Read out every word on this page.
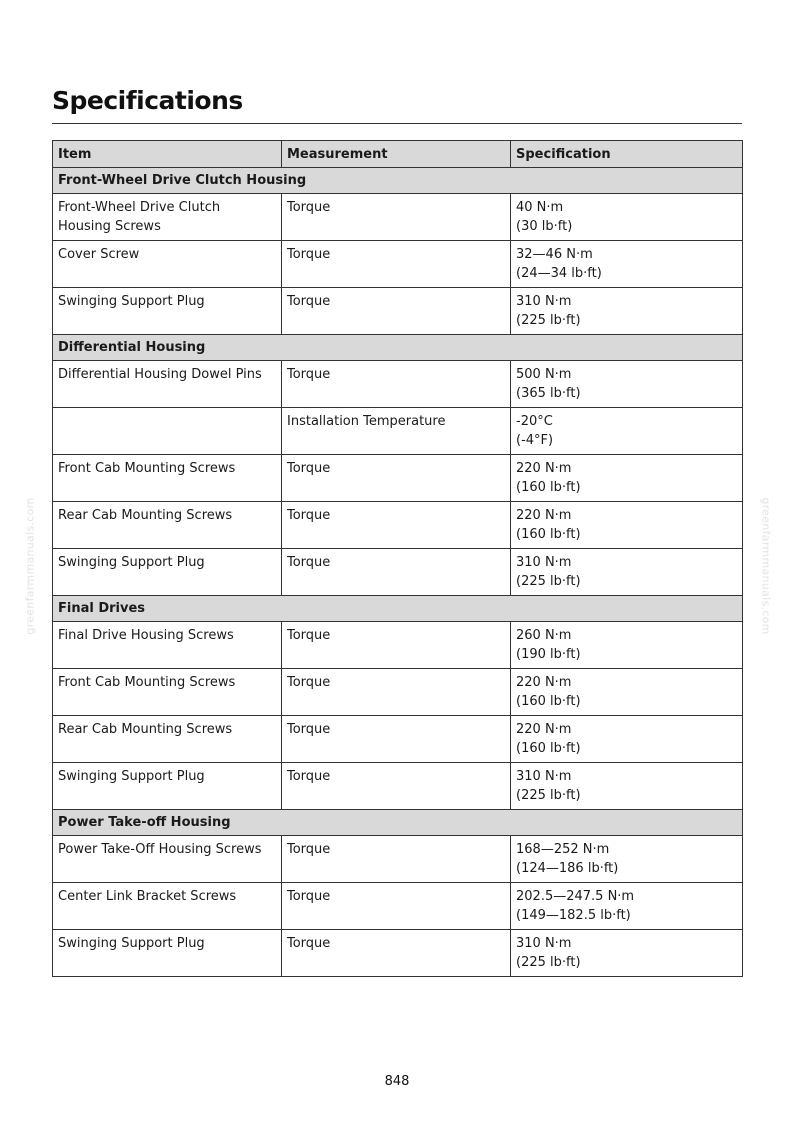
Specifications
Item	Measurement	Specification
Front-Wheel Drive Clutch Housing		
Front-Wheel Drive Clutch Housing Screws	Torque	40 N·m
(30 lb·ft)

Cover Screw	Torque	32—46 N·m
(24—34 lb·ft)

Swinging Support Plug	Torque	310 N·m
(225 lb·ft)

Differential Housing		
Differential Housing Dowel Pins	Torque	500 N·m
(365 lb·ft)

	Installation Temperature	-20°C
(-4°F)

Front Cab Mounting Screws	Torque	220 N·m
(160 lb·ft)

Rear Cab Mounting Screws	Torque	220 N·m
(160 lb·ft)

Swinging Support Plug	Torque	310 N·m
(225 lb·ft)

Final Drives		
Final Drive Housing Screws	Torque	260 N·m
(190 lb·ft)

Front Cab Mounting Screws	Torque	220 N·m
(160 lb·ft)

Rear Cab Mounting Screws	Torque	220 N·m
(160 lb·ft)

Swinging Support Plug	Torque	310 N·m
(225 lb·ft)

Power Take-off Housing		
Power Take-Off Housing Screws	Torque	168—252 N·m
(124—186 lb·ft)

Center Link Bracket Screws	Torque	202.5—247.5 N·m
(149—182.5 lb·ft)

Swinging Support Plug	Torque	310 N·m
(225 lb·ft)
greenfarmmanuals.com	greenfarmmanuals.com
848
